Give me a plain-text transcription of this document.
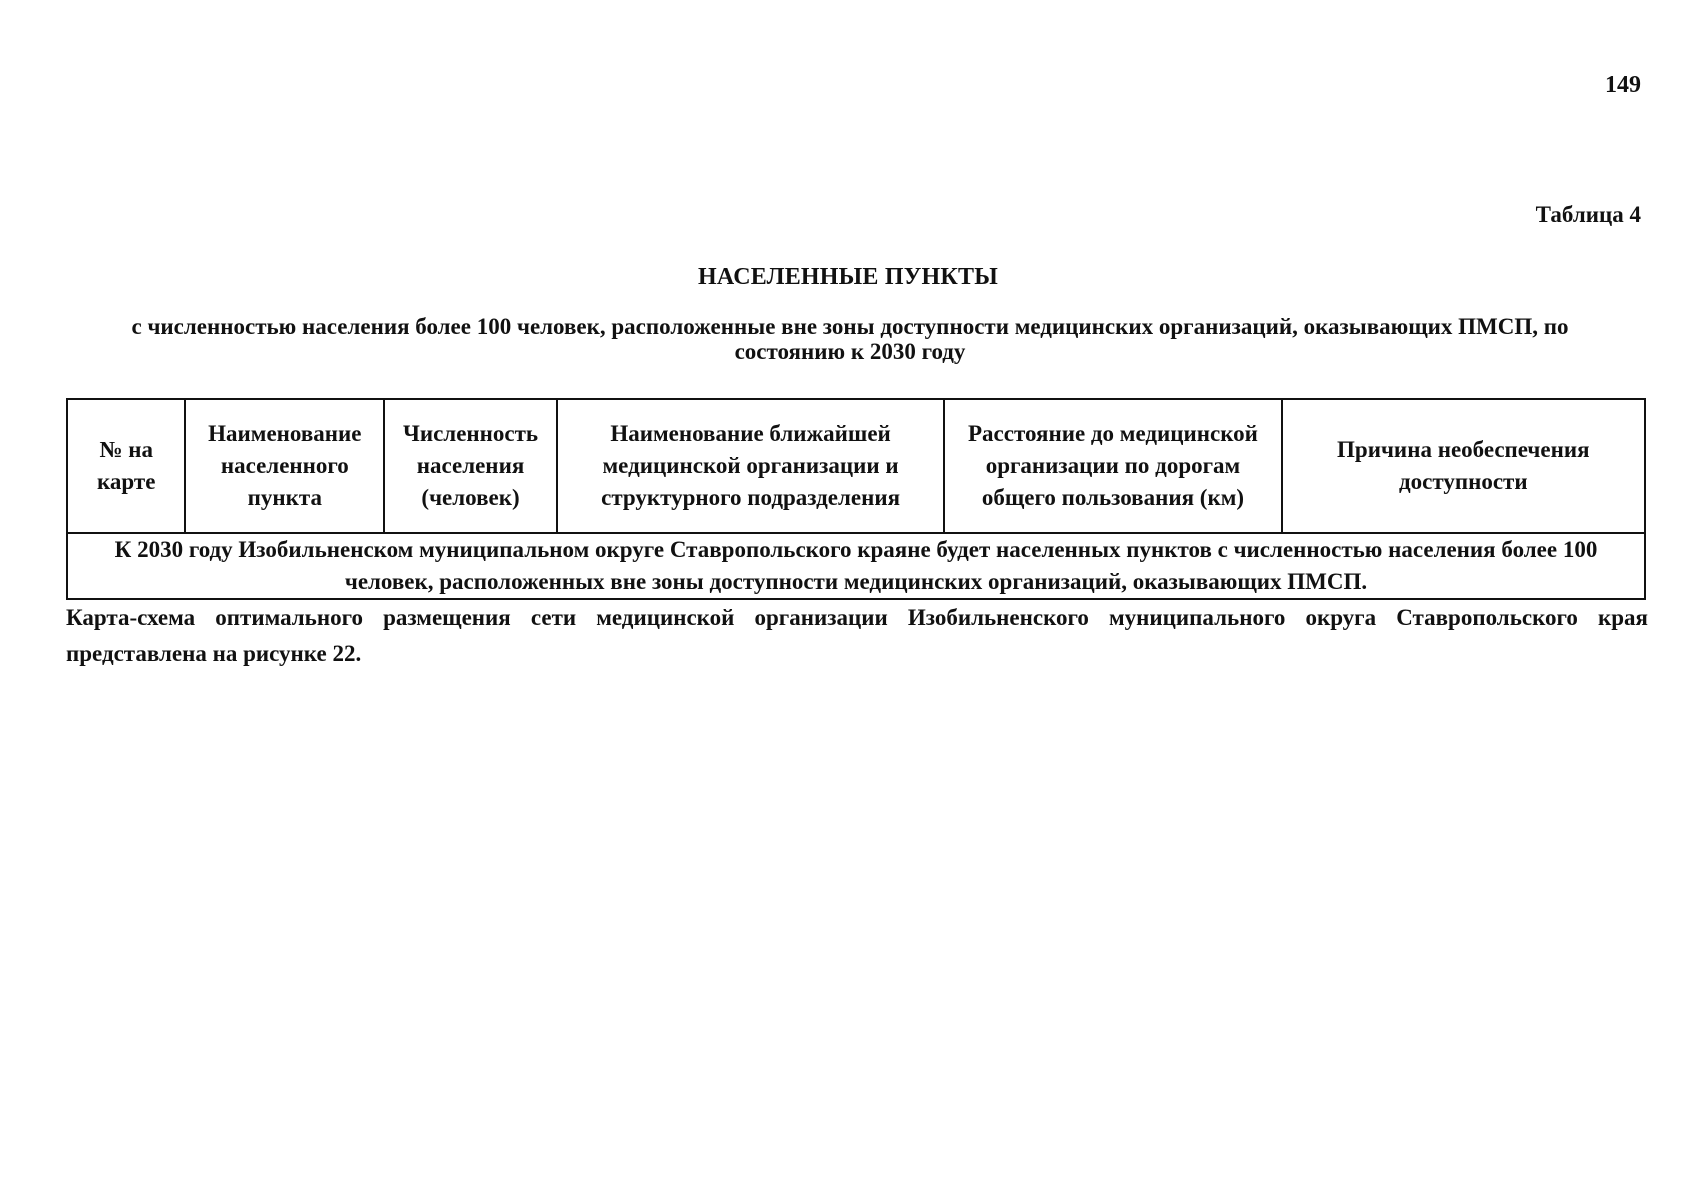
149
Таблица 4
НАСЕЛЕННЫЕ ПУНКТЫ
с численностью населения более 100 человек, расположенные вне зоны доступности медицинских организаций, оказывающих ПМСП, по состоянию к 2030 году
№ на карте	Наименование населенного пункта	Численность населения (человек)	Наименование ближайшей медицинской организации и структурного подразделения	Расстояние до медицинской организации по дорогам общего пользования (км)	Причина необеспечения доступности
К 2030 году Изобильненском муниципальном округе Ставропольского краяне будет населенных пунктов с численностью населения более 100 человек, расположенных вне зоны доступности медицинских организаций, оказывающих ПМСП.
Карта-схема оптимального размещения сети медицинской организации Изобильненского муниципального округа Ставропольского края представлена на рисунке 22.
